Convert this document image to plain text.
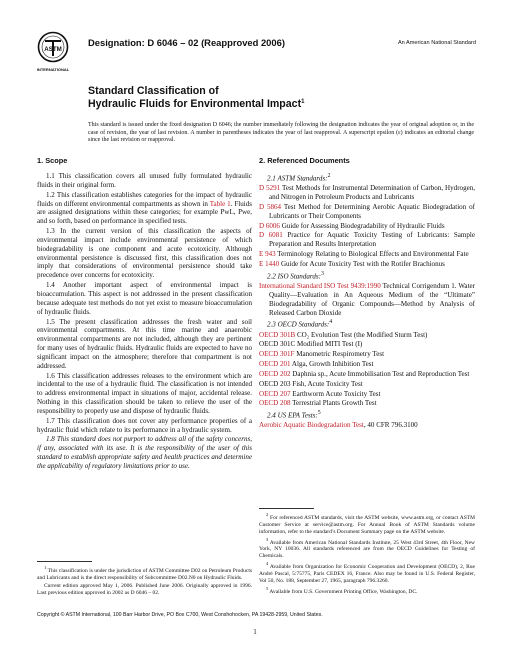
ASTM
INTERNATIONAL
Designation: D 6046 – 02 (Reapproved 2006)	An American National Standard
Standard Classification of
Hydraulic Fluids for Environmental Impact$^1$
This standard is issued under the fixed designation D 6046; the number immediately following the designation indicates the year of original adoption or, in the case of revision, the year of last revision. A number in parentheses indicates the year of last reapproval. A superscript epsilon (ε) indicates an editorial change since the last revision or reapproval.
1. Scope

1.1 This classification covers all unused fully formulated hydraulic fluids in their original form.

1.2 This classification establishes categories for the impact of hydraulic fluids on different environmental compartments as shown in Table 1. Fluids are assigned designations within these categories; for example PwL, Pwe, and so forth, based on performance in specified tests.

1.3 In the current version of this classification the aspects of environmental impact include environmental persistence of which biodegradability is one component and acute ecotoxicity. Although environmental persistence is discussed first, this classification does not imply that considerations of environmental persistence should take precedence over concerns for ecotoxicity.

1.4 Another important aspect of environmental impact is bioaccumulation. This aspect is not addressed in the present classification because adequate test methods do not yet exist to measure bioaccumulation of hydraulic fluids.

1.5 The present classification addresses the fresh water and soil environmental compartments. At this time marine and anaerobic environmental compartments are not included, although they are pertinent for many uses of hydraulic fluids. Hydraulic fluids are expected to have no significant impact on the atmosphere; therefore that compartment is not addressed.

1.6 This classification addresses releases to the environment which are incidental to the use of a hydraulic fluid. The classification is not intended to address environmental impact in situations of major, accidental release. Nothing in this classification should be taken to relieve the user of the responsibility to properly use and dispose of hydraulic fluids.

1.7 This classification does not cover any performance properties of a hydraulic fluid which relate to its performance in a hydraulic system.

1.8 This standard does not purport to address all of the safety concerns, if any, associated with its use. It is the responsibility of the user of this standard to establish appropriate safety and health practices and determine the applicability of regulatory limitations prior to use.

$^1$ This classification is under the jurisdiction of ASTM Committee D02 on Petroleum Products and Lubricants and is the direct responsibility of Subcommittee D02.N0 on Hydraulic Fluids.

Current edition approved May 1, 2006. Published June 2006. Originally approved in 1996. Last previous edition approved in 2002 as D 6046 – 02.

2. Referenced Documents
2.1 ASTM Standards:$^2$
D 5291 Test Methods for Instrumental Determination of Carbon, Hydrogen, and Nitrogen in Petroleum Products and Lubricants
D 5864 Test Method for Determining Aerobic Aquatic Biodegradation of Lubricants or Their Components
D 6006 Guide for Assessing Biodegradability of Hydraulic Fluids
D 6081 Practice for Aquatic Toxicity Testing of Lubricants: Sample Preparation and Results Interpretation
E 943 Terminology Relating to Biological Effects and Environmental Fate
E 1440 Guide for Acute Toxicity Test with the Rotifer Brachionus
2.2 ISO Standards:$^3$
International Standard ISO Test 9439:1990 Technical Corrigendum 1. Water Quality—Evaluation in An Aqueous Medium of the “Ultimate” Biodegradability of Organic Compounds—Method by Analysis of Released Carbon Dioxide
2.3 OECD Standards:$^4$
OECD 301B CO₂ Evolution Test (the Modified Sturm Test)
OECD 301C Modified MITI Test (I)
OECD 301F Manometric Respirometry Test
OECD 201 Alga, Growth Inhibition Test
OECD 202 Daphnia sp., Acute Immobilisation Test and Reproduction Test
OECD 203 Fish, Acute Toxicity Test
OECD 207 Earthworm Acute Toxicity Test
OECD 208 Terrestrial Plants Growth Test
2.4 US EPA Tests:$^5$
Aerobic Aquatic Biodegradation Test, 40 CFR 796.3100

$^2$ For referenced ASTM standards, visit the ASTM website, www.astm.org, or contact ASTM Customer Service at service@astm.org. For Annual Book of ASTM Standards volume information, refer to the standard’s Document Summary page on the ASTM website.

$^3$ Available from American National Standards Institute, 25 West 43rd Street, 4th Floor, New York, NY 10036. All standards referenced are from the OECD Guidelines for Testing of Chemicals.

$^4$ Available from Organization for Economic Cooperation and Development (OECD), 2, Rue André Pascal, 5:75775, Paris CEDEX 16, France. Also may be found in U.S. Federal Register, Vol 50, No. 188, September 27, 1965, paragraph 796.3260.

$^5$ Available from U.S. Government Printing Office, Washington, DC.

Copyright © ASTM International, 100 Barr Harbor Drive, PO Box C700, West Conshohocken, PA 19428-2959, United States.
1
